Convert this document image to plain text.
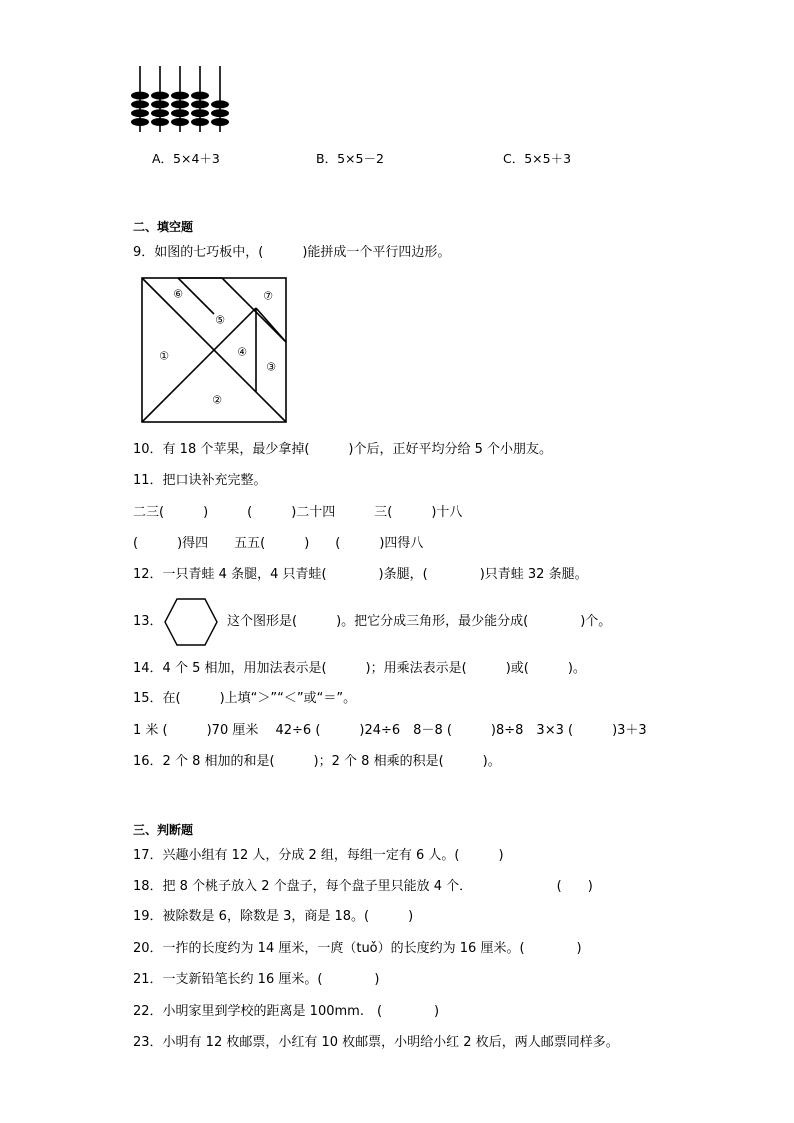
A．5×4＋3	B．5×5－2	C．5×5＋3
二、填空题
9．如图的七巧板中，(　　　)能拼成一个平行四边形。
⑥	⑦
⑤
①	④
③
②
10．有 18 个苹果，最少拿掉(　　　)个后，正好平均分给 5 个小朋友。
11．把口诀补充完整。
二三(　　　)　　　(　　　)二十四　　　三(　　　)十八
(　　　)得四　　五五(　　　)　　(　　　)四得八
12．一只青蛙 4 条腿，4 只青蛙(　　　　)条腿，(　　　　)只青蛙 32 条腿。
13．	这个图形是(　　　)。把它分成三角形，最少能分成(　　　　)个。
14．4 个 5 相加，用加法表示是(　　　)；用乘法表示是(　　　)或(　　　)。
15．在(　　　)上填“＞”“＜”或“＝”。
1 米 (　　　)70 厘米　 42÷6 (　　　)24÷6　8－8 (　　　)8÷8　3×3 (　　　)3＋3
16．2 个 8 相加的和是(　　　)；2 个 8 相乘的积是(　　　)。
三、判断题
17．兴趣小组有 12 人，分成 2 组，每组一定有 6 人。(　　　)
18．把 8 个桃子放入 2 个盘子，每个盘子里只能放 4 个．　　　　　　　(　　)
19．被除数是 6，除数是 3，商是 18。(　　　)
20．一拃的长度约为 14 厘米，一庹（tuǒ）的长度约为 16 厘米。(　　　　)
21．一支新铅笔长约 16 厘米。(　　　　)
22．小明家里到学校的距离是 100mm.　(　　　　)
23．小明有 12 枚邮票，小红有 10 枚邮票，小明给小红 2 枚后，两人邮票同样多。
